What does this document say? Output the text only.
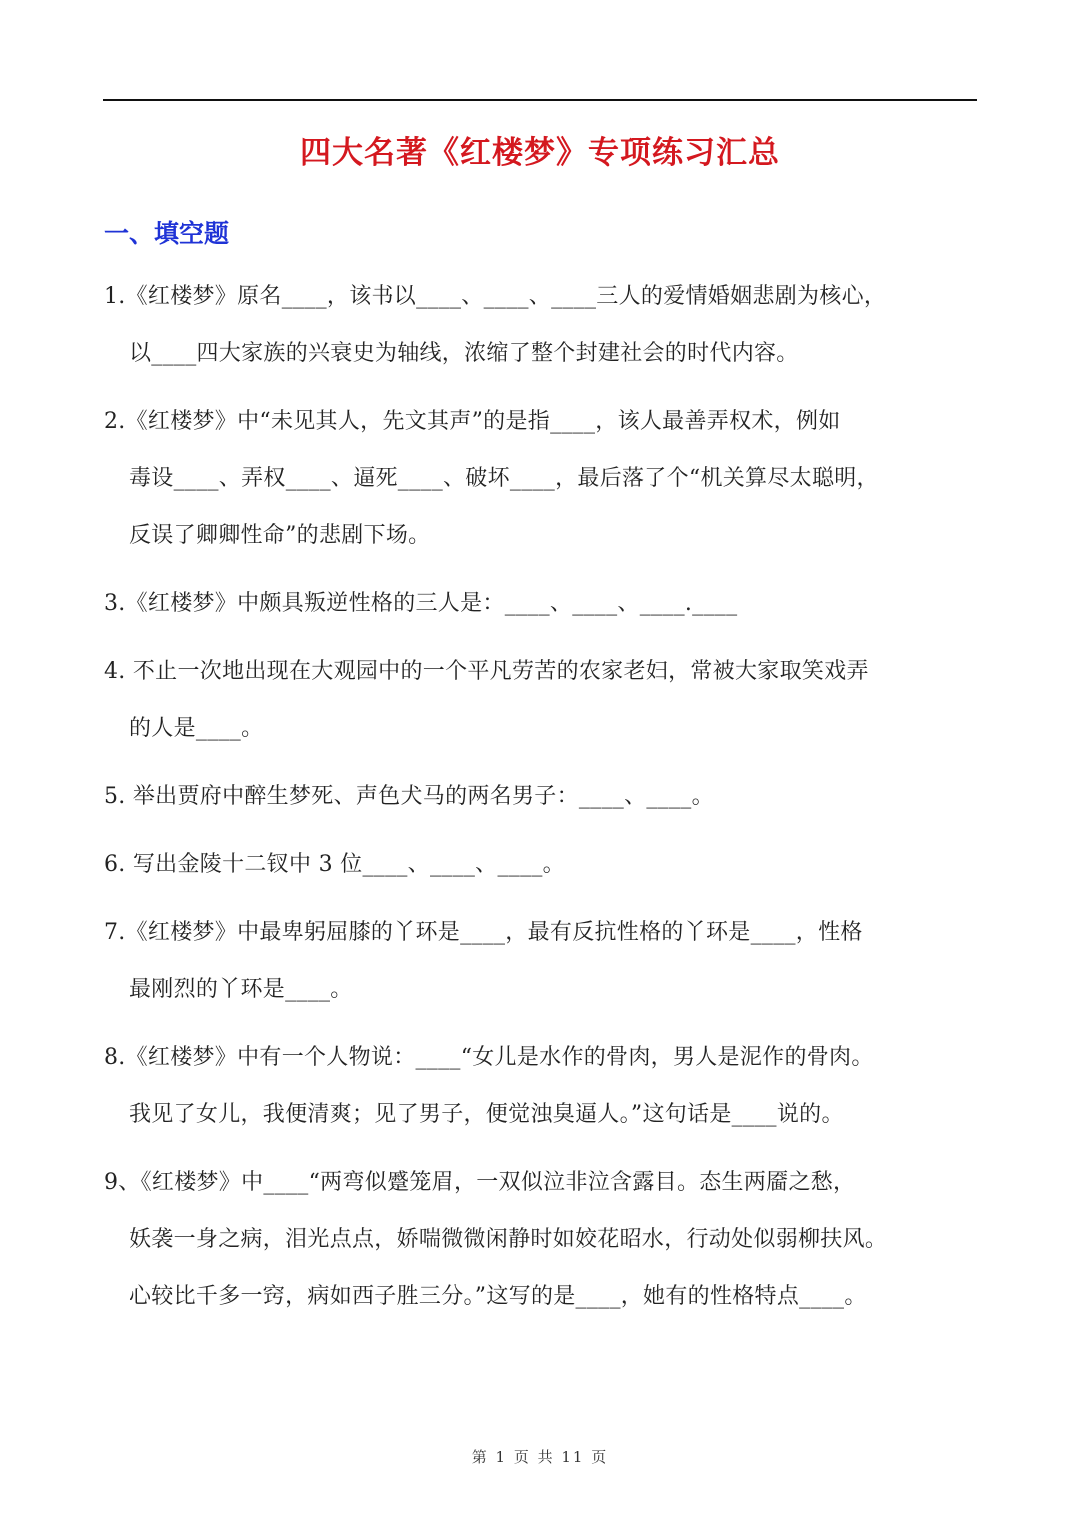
四大名著《红楼梦》专项练习汇总
一、填空题
1.《红楼梦》原名____，该书以____、____、____三人的爱情婚姻悲剧为核心，
以____四大家族的兴衰史为轴线，浓缩了整个封建社会的时代内容。
2.《红楼梦》中“未见其人，先文其声”的是指____，该人最善弄权术，例如
毒设____、弄权____、逼死____、破坏____，最后落了个“机关算尽太聪明，
反误了卿卿性命”的悲剧下场。
3.《红楼梦》中颇具叛逆性格的三人是：____、____、____.____
4. 不止一次地出现在大观园中的一个平凡劳苦的农家老妇，常被大家取笑戏弄
的人是____。
5. 举出贾府中醉生梦死、声色犬马的两名男子：____、____。
6. 写出金陵十二钗中 3 位____、____、____。
7.《红楼梦》中最卑躬屈膝的丫环是____，最有反抗性格的丫环是____，性格
最刚烈的丫环是____。
8.《红楼梦》中有一个人物说：____“女儿是水作的骨肉，男人是泥作的骨肉。
我见了女儿，我便清爽；见了男子，便觉浊臭逼人。”这句话是____说的。
9、《红楼梦》中____“两弯似蹙笼眉，一双似泣非泣含露目。态生两靥之愁，
妖袭一身之病，泪光点点，娇喘微微闲静时如姣花昭水，行动处似弱柳扶风。
心较比千多一窍，病如西子胜三分。”这写的是____，她有的性格特点____。
第 1 页 共 11 页
